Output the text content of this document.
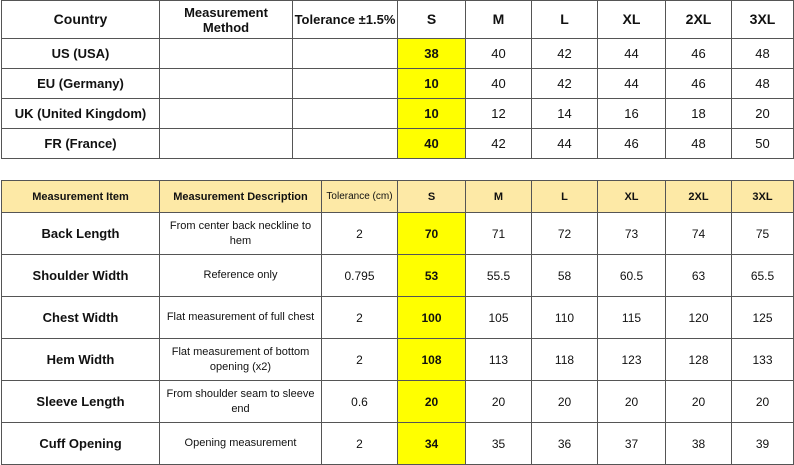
Country	Measurement Method	Tolerance ±1.5%	S	M	L	XL	2XL	3XL
US (USA)			38	40	42	44	46	48
EU (Germany)			10	40	42	44	46	48
UK (United Kingdom)			10	12	14	16	18	20
FR (France)			40	42	44	46	48	50
Measurement Item	Measurement Description	Tolerance (cm)	S	M	L	XL	2XL	3XL
Back Length	From center back neckline to hem	2	70	71	72	73	74	75
Shoulder Width	Reference only	0.795	53	55.5	58	60.5	63	65.5
Chest Width	Flat measurement of full chest	2	100	105	110	115	120	125
Hem Width	Flat measurement of bottom opening (x2)	2	108	113	118	123	128	133
Sleeve Length	From shoulder seam to sleeve end	0.6	20	20	20	20	20	20
Cuff Opening	Opening measurement	2	34	35	36	37	38	39
